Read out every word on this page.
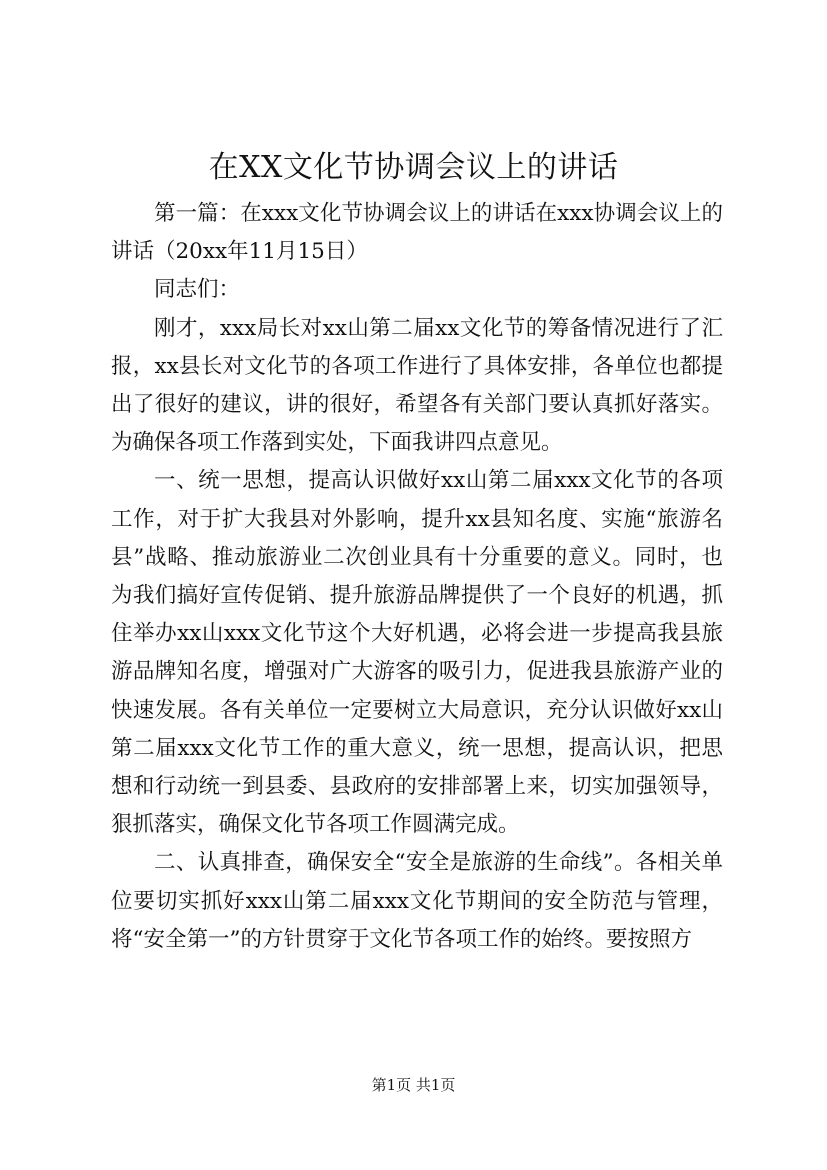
在XX文化节协调会议上的讲话

第一篇：在xxx文化节协调会议上的讲话在xxx协调会议上的讲话（20xx年11月15日）

同志们：

刚才，xxx局长对xx山第二届xx文化节的筹备情况进行了汇报，xx县长对文化节的各项工作进行了具体安排，各单位也都提出了很好的建议，讲的很好，希望各有关部门要认真抓好落实。为确保各项工作落到实处，下面我讲四点意见。

一、统一思想，提高认识做好xx山第二届xxx文化节的各项工作，对于扩大我县对外影响，提升xx县知名度、实施“旅游名县”战略、推动旅游业二次创业具有十分重要的意义。同时，也为我们搞好宣传促销、提升旅游品牌提供了一个良好的机遇，抓住举办xx山xxx文化节这个大好机遇，必将会进一步提高我县旅游品牌知名度，增强对广大游客的吸引力，促进我县旅游产业的快速发展。各有关单位一定要树立大局意识，充分认识做好xx山第二届xxx文化节工作的重大意义，统一思想，提高认识，把思想和行动统一到县委、县政府的安排部署上来，切实加强领导，狠抓落实，确保文化节各项工作圆满完成。

二、认真排查，确保安全“安全是旅游的生命线”。各相关单位要切实抓好xxx山第二届xxx文化节期间的安全防范与管理，将“安全第一”的方针贯穿于文化节各项工作的始终。要按照方

第1页 共1页
